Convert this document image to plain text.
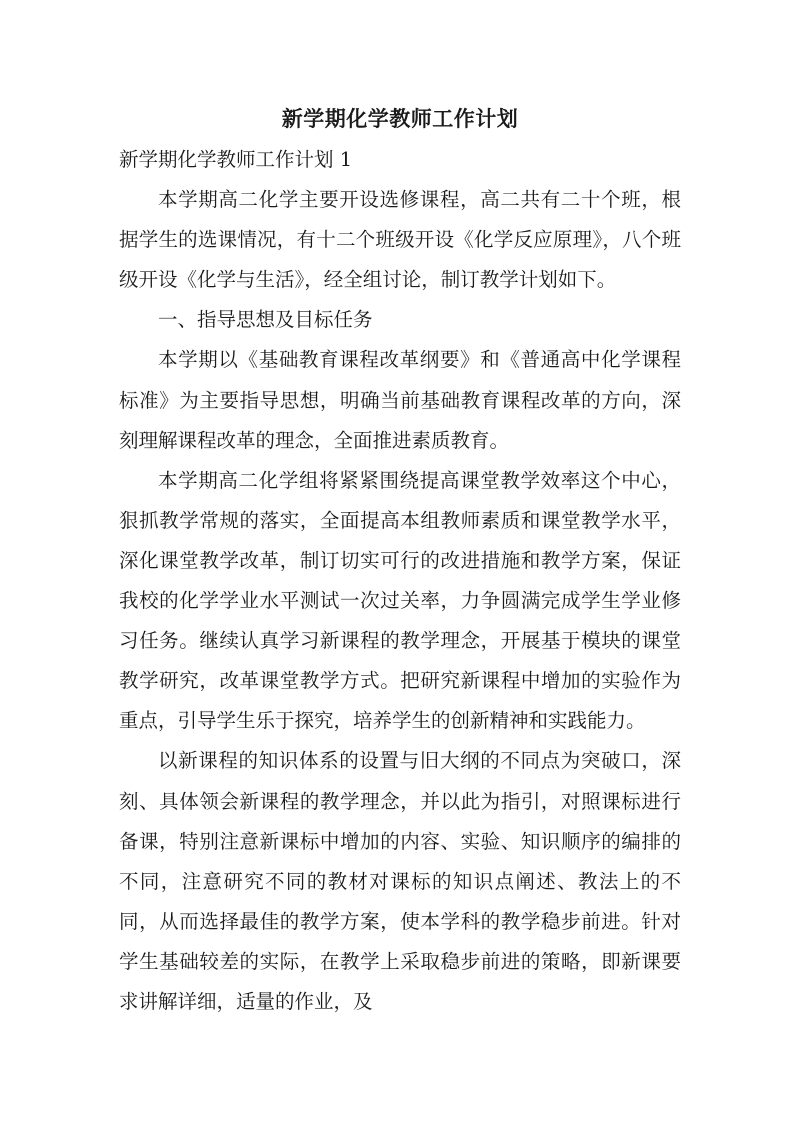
新学期化学教师工作计划

新学期化学教师工作计划 1

本学期高二化学主要开设选修课程，高二共有二十个班，根据学生的选课情况，有十二个班级开设《化学反应原理》，八个班级开设《化学与生活》，经全组讨论，制订教学计划如下。

一、指导思想及目标任务

本学期以《基础教育课程改革纲要》和《普通高中化学课程标准》为主要指导思想，明确当前基础教育课程改革的方向，深刻理解课程改革的理念，全面推进素质教育。

本学期高二化学组将紧紧围绕提高课堂教学效率这个中心，狠抓教学常规的落实，全面提高本组教师素质和课堂教学水平，深化课堂教学改革，制订切实可行的改进措施和教学方案，保证我校的化学学业水平测试一次过关率，力争圆满完成学生学业修习任务。继续认真学习新课程的教学理念，开展基于模块的课堂教学研究，改革课堂教学方式。把研究新课程中增加的实验作为重点，引导学生乐于探究，培养学生的创新精神和实践能力。

以新课程的知识体系的设置与旧大纲的不同点为突破口，深刻、具体领会新课程的教学理念，并以此为指引，对照课标进行备课，特别注意新课标中增加的内容、实验、知识顺序的编排的不同，注意研究不同的教材对课标的知识点阐述、教法上的不同，从而选择最佳的教学方案，使本学科的教学稳步前进。针对学生基础较差的实际，在教学上采取稳步前进的策略，即新课要求讲解详细，适量的作业，及
